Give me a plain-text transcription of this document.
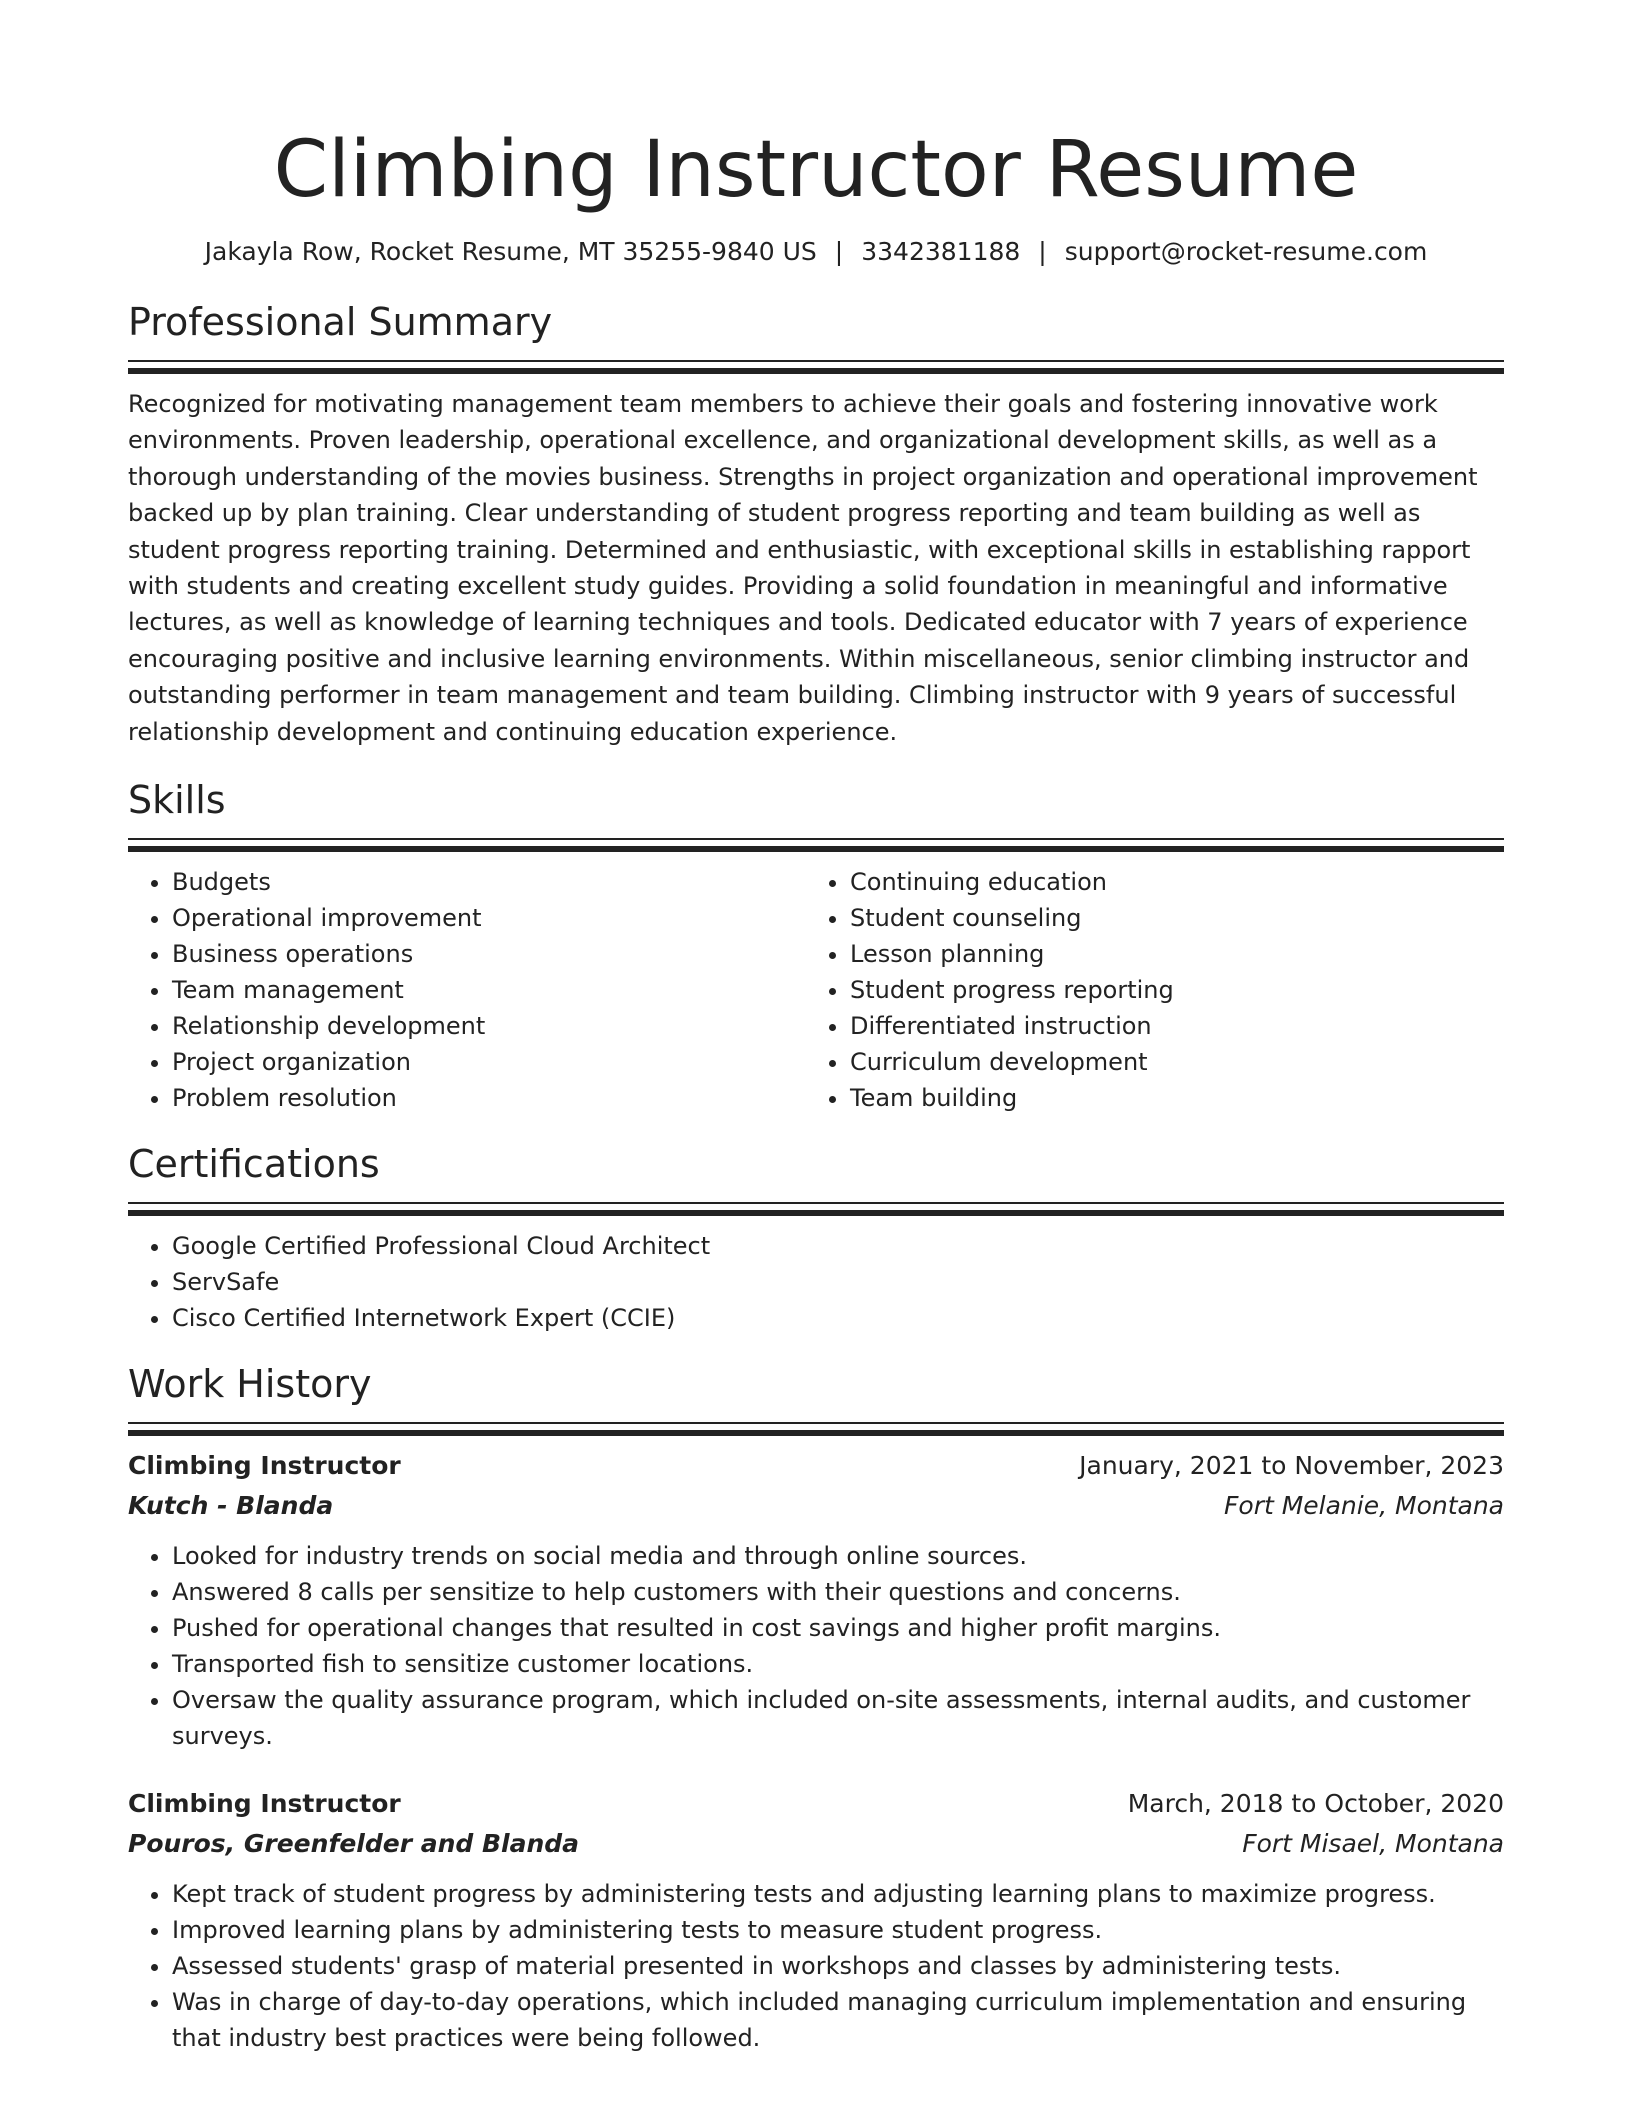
Climbing Instructor Resume
Jakayla Row, Rocket Resume, MT 35255-9840 US | 3342381188 | support@rocket-resume.com
Professional Summary
Recognized for motivating management team members to achieve their goals and fostering innovative work environments. Proven leadership, operational excellence, and organizational development skills, as well as a thorough understanding of the movies business. Strengths in project organization and operational improvement backed up by plan training. Clear understanding of student progress reporting and team building as well as student progress reporting training. Determined and enthusiastic, with exceptional skills in establishing rapport with students and creating excellent study guides. Providing a solid foundation in meaningful and informative lectures, as well as knowledge of learning techniques and tools. Dedicated educator with 7 years of experience encouraging positive and inclusive learning environments. Within miscellaneous, senior climbing instructor and outstanding performer in team management and team building. Climbing instructor with 9 years of successful relationship development and continuing education experience.
Skills
• Budgets
• Operational improvement
• Business operations
• Team management
• Relationship development
• Project organization
• Problem resolution
• Continuing education
• Student counseling
• Lesson planning
• Student progress reporting
• Differentiated instruction
• Curriculum development
• Team building
Certifications
• Google Certified Professional Cloud Architect
• ServSafe
• Cisco Certified Internetwork Expert (CCIE)
Work History
Climbing Instructor	January, 2021 to November, 2023
Kutch - Blanda	Fort Melanie, Montana
• Looked for industry trends on social media and through online sources.
• Answered 8 calls per sensitize to help customers with their questions and concerns.
• Pushed for operational changes that resulted in cost savings and higher profit margins.
• Transported fish to sensitize customer locations.
• Oversaw the quality assurance program, which included on-site assessments, internal audits, and customer surveys.
Climbing Instructor	March, 2018 to October, 2020
Pouros, Greenfelder and Blanda	Fort Misael, Montana
• Kept track of student progress by administering tests and adjusting learning plans to maximize progress.
• Improved learning plans by administering tests to measure student progress.
• Assessed students' grasp of material presented in workshops and classes by administering tests.
• Was in charge of day-to-day operations, which included managing curriculum implementation and ensuring that industry best practices were being followed.
